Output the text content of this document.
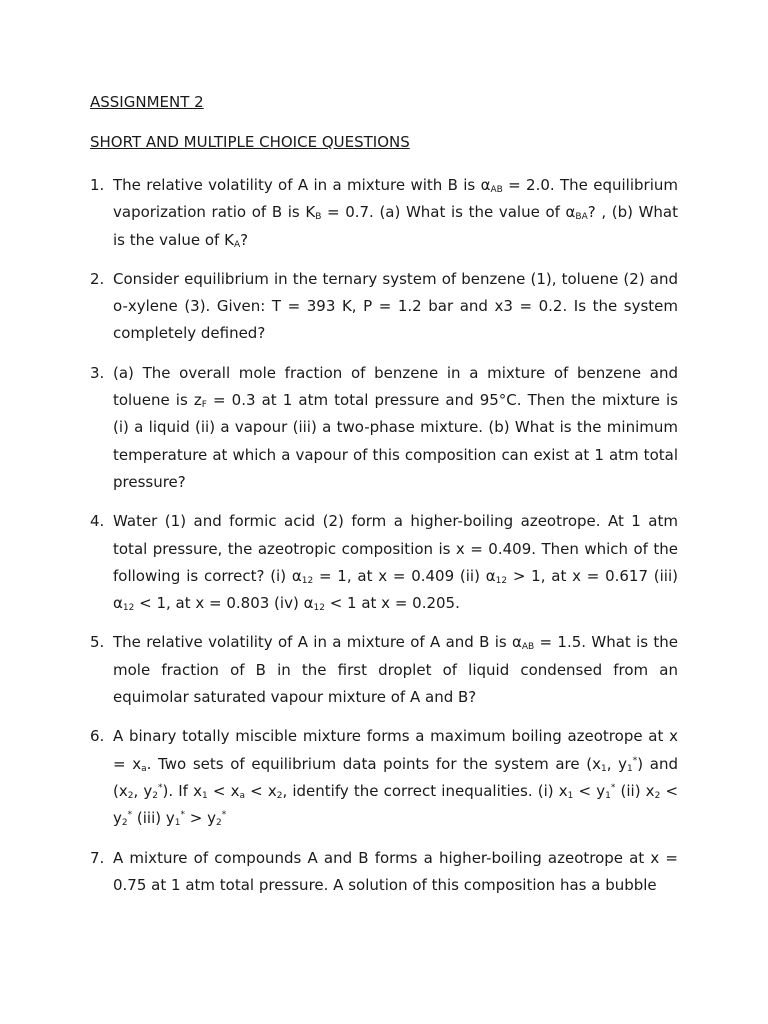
ASSIGNMENT 2
SHORT AND MULTIPLE CHOICE QUESTIONS
1. The relative volatility of A in a mixture with B is $\alpha_{AB} = 2.0$. The equilibrium vaporization ratio of B is $K_B = 0.7$. (a) What is the value of $\alpha_{BA}$? , (b) What is the value of $K_A$?
2. Consider equilibrium in the ternary system of benzene (1), toluene (2) and o-xylene (3). Given: T = 393 K, P = 1.2 bar and x3 = 0.2. Is the system completely defined?
3. (a) The overall mole fraction of benzene in a mixture of benzene and toluene is $z_F = 0.3$ at 1 atm total pressure and 95°C. Then the mixture is (i) a liquid (ii) a vapour (iii) a two-phase mixture. (b) What is the minimum temperature at which a vapour of this composition can exist at 1 atm total pressure?
4. Water (1) and formic acid (2) form a higher-boiling azeotrope. At 1 atm total pressure, the azeotropic composition is x = 0.409. Then which of the following is correct? (i) $\alpha_{12} = 1$, at x = 0.409 (ii) $\alpha_{12} > 1$, at x = 0.617 (iii) $\alpha_{12} < 1$, at x = 0.803 (iv) $\alpha_{12} < 1$ at x = 0.205.
5. The relative volatility of A in a mixture of A and B is $\alpha_{AB} = 1.5$. What is the mole fraction of B in the first droplet of liquid condensed from an equimolar saturated vapour mixture of A and B?
6. A binary totally miscible mixture forms a maximum boiling azeotrope at $x = x_a$. Two sets of equilibrium data points for the system are ($x_1$, $y_1^*$) and ($x_2$, $y_2^*$). If $x_1 < x_a < x_2$, identify the correct inequalities. (i) $x_1 < y_1^*$ (ii) $x_2 < y_2^*$ (iii) $y_1^* > y_2^*$
7. A mixture of compounds A and B forms a higher-boiling azeotrope at x = 0.75 at 1 atm total pressure. A solution of this composition has a bubble
